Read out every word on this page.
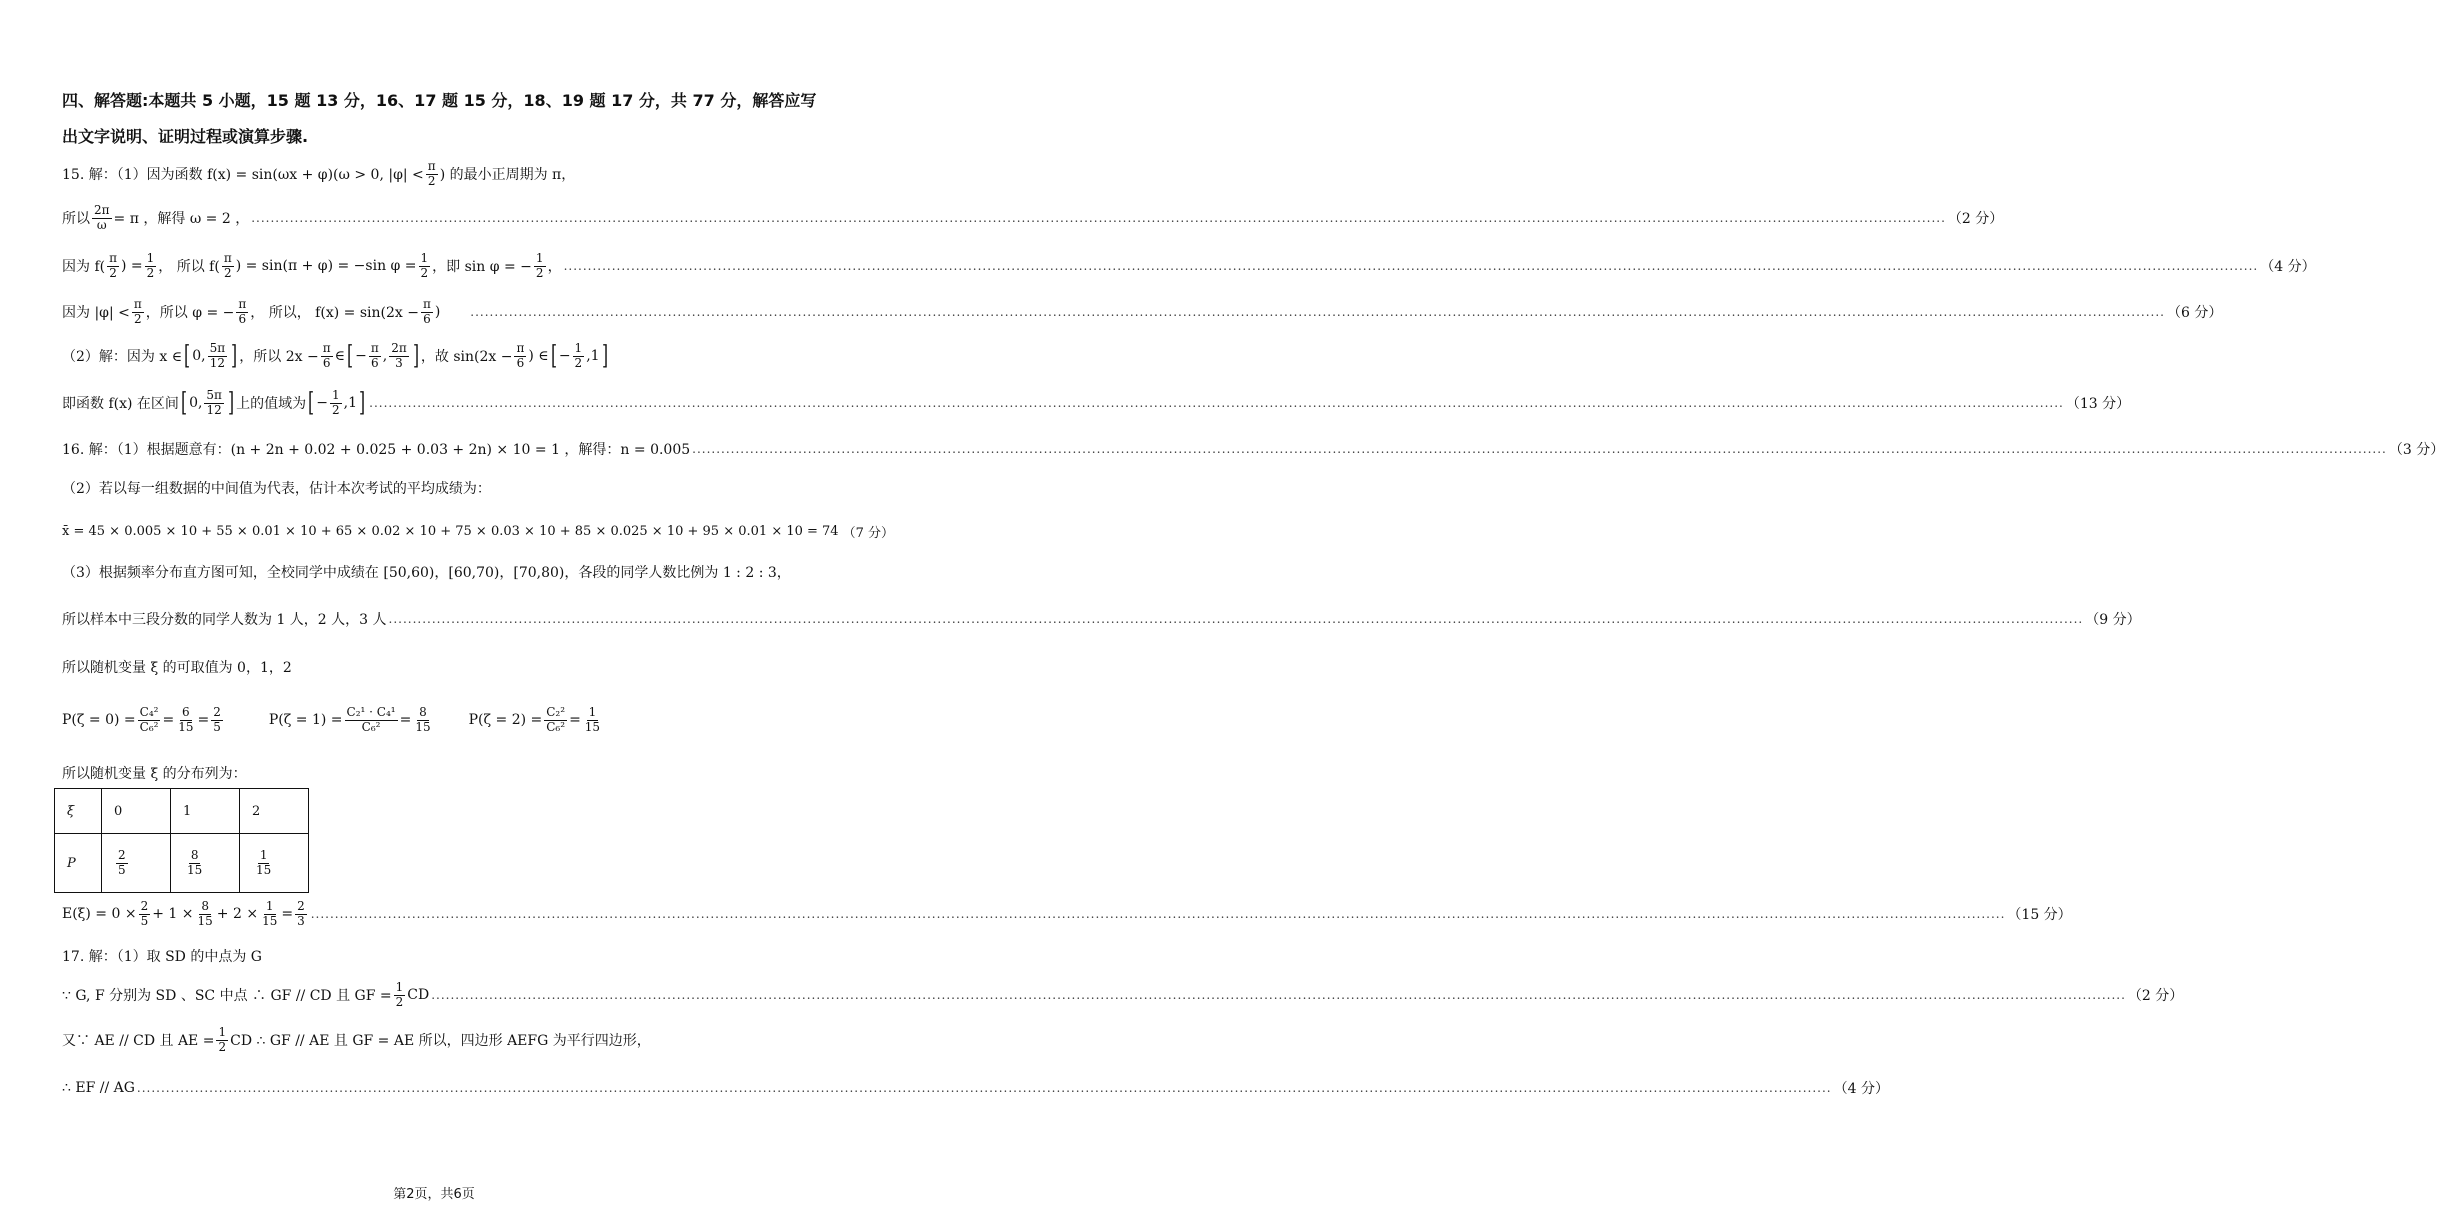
四、解答题:本题共 5 小题，15 题 13 分，16、17 题 15 分，18、19 题 17 分，共 77 分，解答应写
出文字说明、证明过程或演算步骤.
15. 解：（1）因为函数 f(x) = sin(ωx + φ)(ω > 0, $|\varphi| < \frac{\pi}{2}$ ) 的最小正周期为 π，
所以 $\frac{2\pi}{\omega} = \pi$ ，解得 ω = 2 ， .....	（2 分）
因为 $f( \frac{\pi}{2}$ ) = $\frac{1}{2}$ ， 所以 $f( \frac{\pi}{2}$ ) = sin(π + φ) = −sin $\varphi = \frac{1}{2}$ ，即 sin φ = − $\frac{1}{2}$ ， .....	（4 分）
因为 $|\varphi| < \frac{\pi}{2}$ ，所以 φ = − $\frac{\pi}{6}$ ， 所以， $f(x) = \sin(2x - \frac{\pi}{6}$ ) .....	（6 分）
（2）解：因为 x ∈ [ 0, $\frac{5\pi}{12}$ ] ，所以 $2x - \frac{\pi}{6}$ ∈ [ − $\frac{\pi}{6}$ , $\frac{2\pi}{3}$ ] ，故 $\sin(2x - \frac{\pi}{6}$ ) ∈ [ − $\frac{1}{2} ,1$ ]
即函数 f(x) 在区间 [ 0, $\frac{5\pi}{12}$ ] 上的值域为 [ − $\frac{1}{2} ,1$ ] .....	（13 分）
16. 解：（1）根据题意有：(n + 2n + 0.02 + 0.025 + 0.03 + 2n) × 10 = 1 ，解得：n = 0.005 .....	（3 分）
（2）若以每一组数据的中间值为代表，估计本次考试的平均成绩为：
x̄ = 45 × 0.005 × 10 + 55 × 0.01 × 10 + 65 × 0.02 × 10 + 75 × 0.03 × 10 + 85 × 0.025 × 10 + 95 × 0.01 × 10 = 74 （7 分）
（3）根据频率分布直方图可知，全校同学中成绩在 [50,60)，[60,70)，[70,80)，各段的同学人数比例为 1 : 2 : 3，
所以样本中三段分数的同学人数为 1 人，2 人，3 人 .....	（9 分）
所以随机变量 ξ 的可取值为 0，1，2
$P(\zeta = 0) = \frac{\text{C₄²}}{\text{C₆²}} = \frac{6}{15} = \frac{2}{5}$	$P(\zeta = 1) = \frac{\text{C₂¹ · C₄¹}}{\text{C₆²}} = \frac{8}{15}$	$P(\zeta = 2) = \frac{\text{C₂²}}{\text{C₆²}} = \frac{1}{15}$
所以随机变量 ξ 的分布列为：
ξ	0	1	2
P	$\frac{2}{5}$	$\frac{8}{15}$	$\frac{1}{15}$
$E(\xi) = 0 \times \frac{2}{5} + 1 \times \frac{8}{15} + 2 \times \frac{1}{15} = \frac{2}{3}$ .....	（15 分）
17. 解：（1）取 SD 的中点为 G
∵ G, F 分别为 SD 、SC 中点 ∴ GF // CD 且 GF = $\frac{1}{2}$ CD .....	（2 分）
又∵ AE // CD 且 AE = $\frac{1}{2}$ CD ∴ GF // AE 且 GF = AE 所以，四边形 AEFG 为平行四边形，
∴ EF // AG .....	（4 分）
第2页，共6页
